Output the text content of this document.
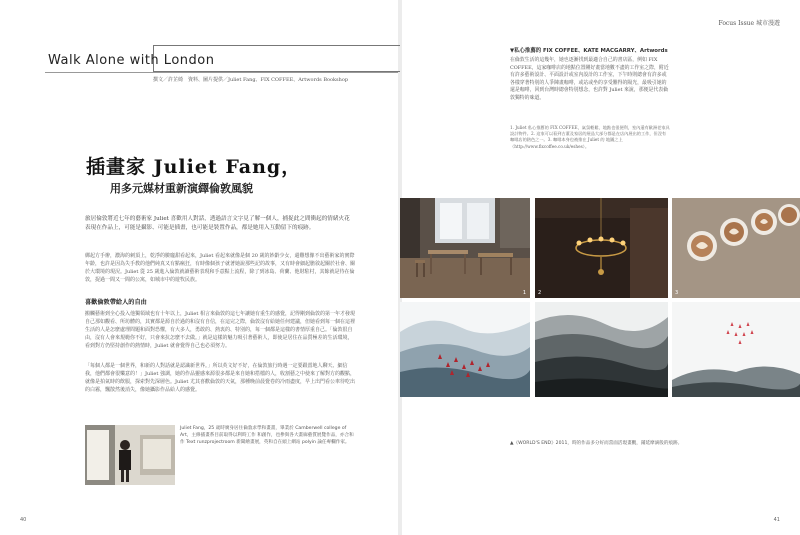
Walk Alone with London
撰文／許芷綺　資料、圖片提供／Juliet Fang、FIX COFFEE、Artwords Bookshop
插畫家 Juliet Fang，
用多元媒材重新演繹倫敦風貌

旅居倫敦將近七年的藝術家 Juliet 喜歡用人對話，透過語言文字見了解一個人，捕捉此之間衝起的情緒火花表現在作品上，可能是攝影、可能是插畫，也可能是裝置作品，都是她用入互動留下的痕跡。

綁起方手辦，濃海的刺頂上，乾淨的臉龐甜看起來，Juliet 看起來就像是個 20 歲的妙齡少女，還難想像不出藝術家的實際年齡，也許是因為失手教的他們純真又有點瘋狂，有時像個孩子就著她說那些記的故事，又有時會細起膽敘起關於社會、關於大環境的現況。Juliet 從 25 歲進入倫敦就讀藝術表現和手意點上流程，除了到冰島、荷蘭、他財駐村，其餘就是待在倫敦，捉過一間又一間的公寓，如城市中的遊牧民族。

喜歡倫敦帶給人的自由

搬觸藝術到全心投入他獨領域也有十年以上，Juliet 相言來倫敦的這七年讓她有重生的感覺，記得剛到倫敦的第一年才發現自己那如觀看、所坊體的，其實都是源自於過的和沒有自信，在這完之際，倫敦沒有給她任何建議，但她看到每一個在這裡生活的人是怎麼處理問題和面對恐懼，有大多人，勇敢的、熱衷的、特別的，每一個都是這樣的書情厚重自己。「倫敦很自由，沒有人會來規範你不好，只會來抗怎麼不去做。」就是這樣的魅力吸引著藝術人，即使是居住在品質極差的生活環境，看到對方仍堅持創作的熱情時，Juliet 就會覺得自己也必須努力。

「每個人都是一個世界，和新的人對話就是認識新世界。」所以英文好不好，在倫敦旅行時遇一定要跟當地人聊天、細信我，他們都會很樂意的！」Juliet 強調，她的作品靈感來源很多都是來自她和搭檔的人，收割藝之中使來了解對方的觀點，就像是拍氣時的飲服，探索對先深層色。Juliet 尤其喜歡倫敦的天氣，那種晚前晨覺卷的冷雨盡度，早上出門看公車待吃出的白霧，飄散然後消失，像她攝影作品給人的感覺。

Juliet Fang，25 歲時廣身居住倫敦求學和畫畫，畢業於 Camberwell college of Art，主修插畫系目前取得以利時工作 和創作，也參與各大畫廊藝質展覽作品，亦合和作 Text runzprojectroom 新聞繪畫展，英和自在頭上網站 polyin 論任專欄作家。

40	41
Focus Issue 城市漫遊
▼私心推薦的 FIX COFFEE、KATE MACGARRY、Artwords

在倫敦生活的這幾年，她也逐漸找到最適合自己的書店區，例如 FIX COFFEE，這家咖啡店的地點位置剛好畫當地數不盡的工作室之際，附近有許多藝術設計、平面設計或室內設計的工作室，下午時則總會有許多或各樣穿著特別的人爭陳畫咖啡，或站或坐的享受難得的陽光，最吸引她的還是咖啡，回到台灣時總會特別想念，也許對 Juliet 來說，那便是代表倫敦獨特的味道。

1. Juliet 私心推薦的 FIX COFFEE，氣氛輕鬆，地點也很便利，室內還有歐洲老家具設計物件。2. 這家可以看到古董及家居的展品大部分都是在店內展出的工作，但沒有咖啡店的熱色之一。3. 咖啡本身也被推在 Juliet 的 地圖之上（http://www.fixcoffee.co.uk/eshes）。

1 2	3
▲《WORLD'S END》2011，時的作品多分好而當面活現畫觀，鋪延摩滴般的痕跡。
